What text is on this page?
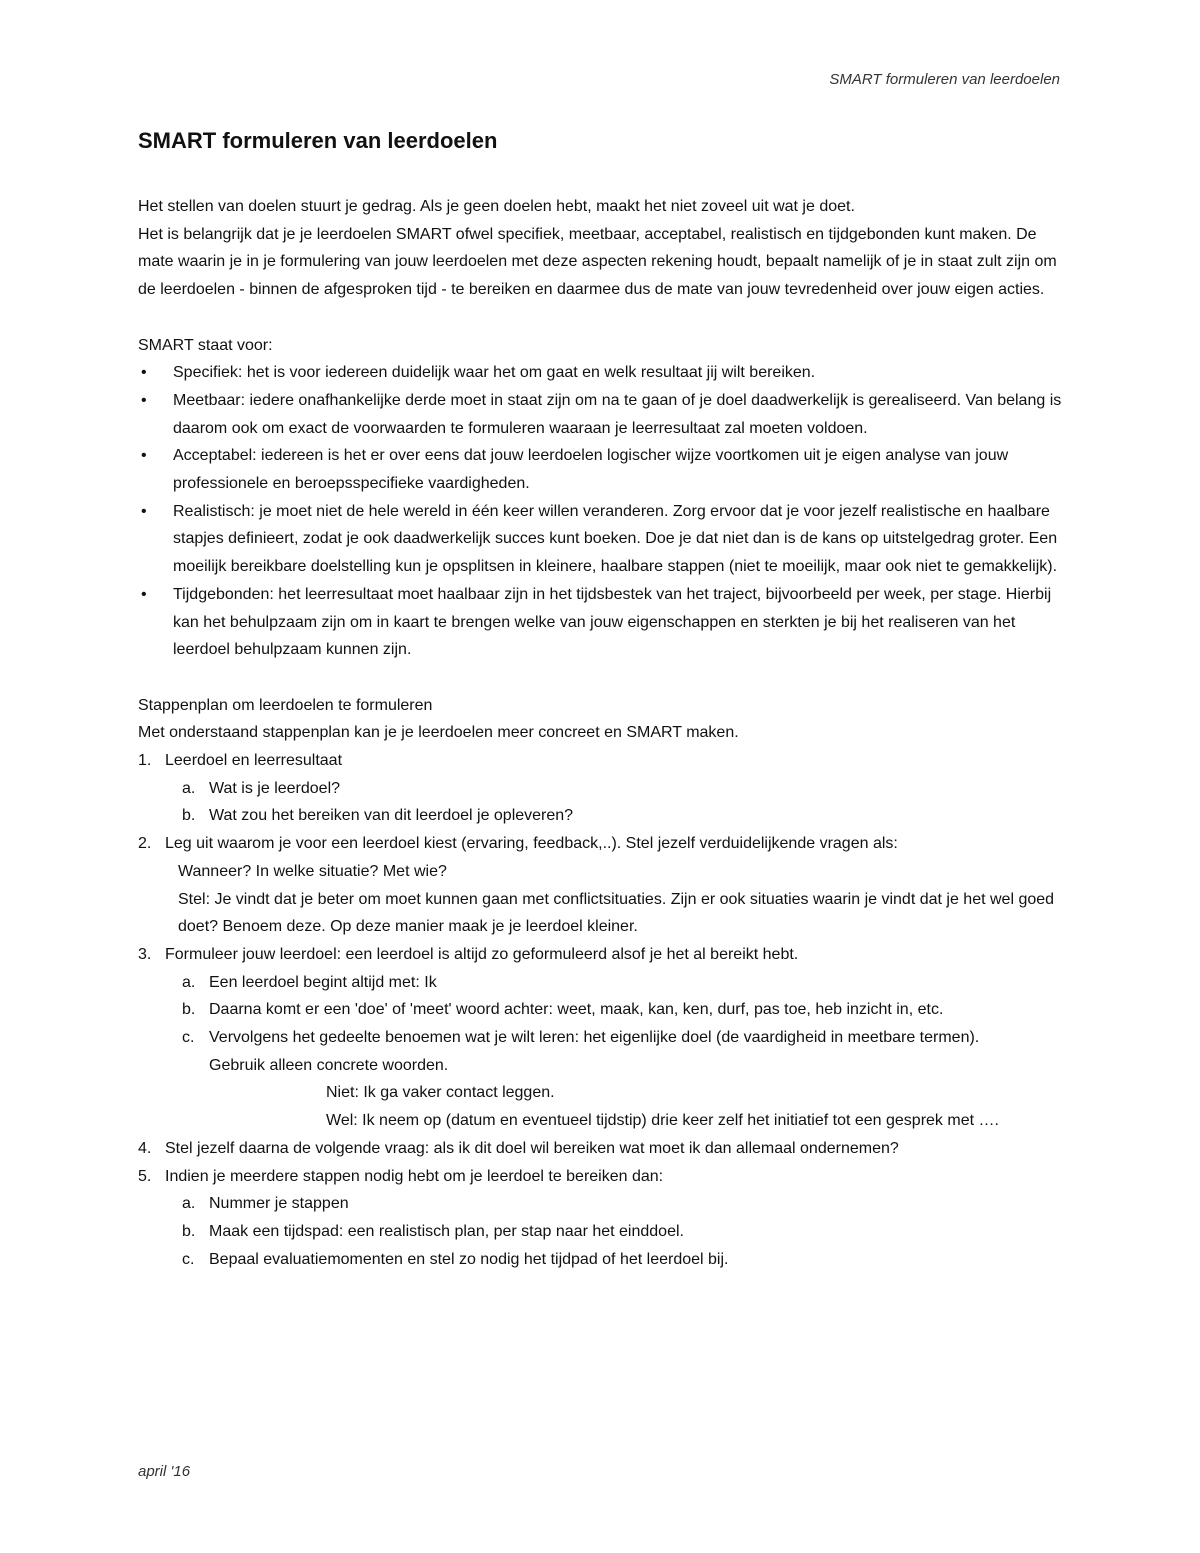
SMART formuleren van leerdoelen
SMART formuleren van leerdoelen

Het stellen van doelen stuurt je gedrag. Als je geen doelen hebt, maakt het niet zoveel uit wat je doet.

Het is belangrijk dat je je leerdoelen SMART ofwel specifiek, meetbaar, acceptabel, realistisch en tijdgebonden kunt maken. De mate waarin je in je formulering van jouw leerdoelen met deze aspecten rekening houdt, bepaalt namelijk of je in staat zult zijn om de leerdoelen - binnen de afgesproken tijd - te bereiken en daarmee dus de mate van jouw tevredenheid over jouw eigen acties.

SMART staat voor:

• Specifiek: het is voor iedereen duidelijk waar het om gaat en welk resultaat jij wilt bereiken.
• Meetbaar: iedere onafhankelijke derde moet in staat zijn om na te gaan of je doel daadwerkelijk is gerealiseerd. Van belang is daarom ook om exact de voorwaarden te formuleren waaraan je leerresultaat zal moeten voldoen.
• Acceptabel: iedereen is het er over eens dat jouw leerdoelen logischer wijze voortkomen uit je eigen analyse van jouw professionele en beroepsspecifieke vaardigheden.
• Realistisch: je moet niet de hele wereld in één keer willen veranderen. Zorg ervoor dat je voor jezelf realistische en haalbare stapjes definieert, zodat je ook daadwerkelijk succes kunt boeken. Doe je dat niet dan is de kans op uitstelgedrag groter. Een moeilijk bereikbare doelstelling kun je opsplitsen in kleinere, haalbare stappen (niet te moeilijk, maar ook niet te gemakkelijk).
• Tijdgebonden: het leerresultaat moet haalbaar zijn in het tijdsbestek van het traject, bijvoorbeeld per week, per stage. Hierbij kan het behulpzaam zijn om in kaart te brengen welke van jouw eigenschappen en sterkten je bij het realiseren van het leerdoel behulpzaam kunnen zijn.

Stappenplan om leerdoelen te formuleren

Met onderstaand stappenplan kan je je leerdoelen meer concreet en SMART maken.

1. Leerdoel en leerresultaat
a. Wat is je leerdoel?
b. Wat zou het bereiken van dit leerdoel je opleveren?
2. Leg uit waarom je voor een leerdoel kiest (ervaring, feedback,..). Stel jezelf verduidelijkende vragen als:
Wanneer? In welke situatie? Met wie?
Stel: Je vindt dat je beter om moet kunnen gaan met conflictsituaties. Zijn er ook situaties waarin je vindt dat je het wel goed doet? Benoem deze. Op deze manier maak je je leerdoel kleiner.
3. Formuleer jouw leerdoel: een leerdoel is altijd zo geformuleerd alsof je het al bereikt hebt.
a. Een leerdoel begint altijd met: Ik
b. Daarna komt er een 'doe' of 'meet' woord achter: weet, maak, kan, ken, durf, pas toe, heb inzicht in, etc.
c. Vervolgens het gedeelte benoemen wat je wilt leren: het eigenlijke doel (de vaardigheid in meetbare termen).
Gebruik alleen concrete woorden.
Niet: Ik ga vaker contact leggen.
Wel: Ik neem op (datum en eventueel tijdstip) drie keer zelf het initiatief tot een gesprek met ….
4. Stel jezelf daarna de volgende vraag: als ik dit doel wil bereiken wat moet ik dan allemaal ondernemen?
5. Indien je meerdere stappen nodig hebt om je leerdoel te bereiken dan:
a. Nummer je stappen
b. Maak een tijdspad: een realistisch plan, per stap naar het einddoel.
c. Bepaal evaluatiemomenten en stel zo nodig het tijdpad of het leerdoel bij.
april '16
